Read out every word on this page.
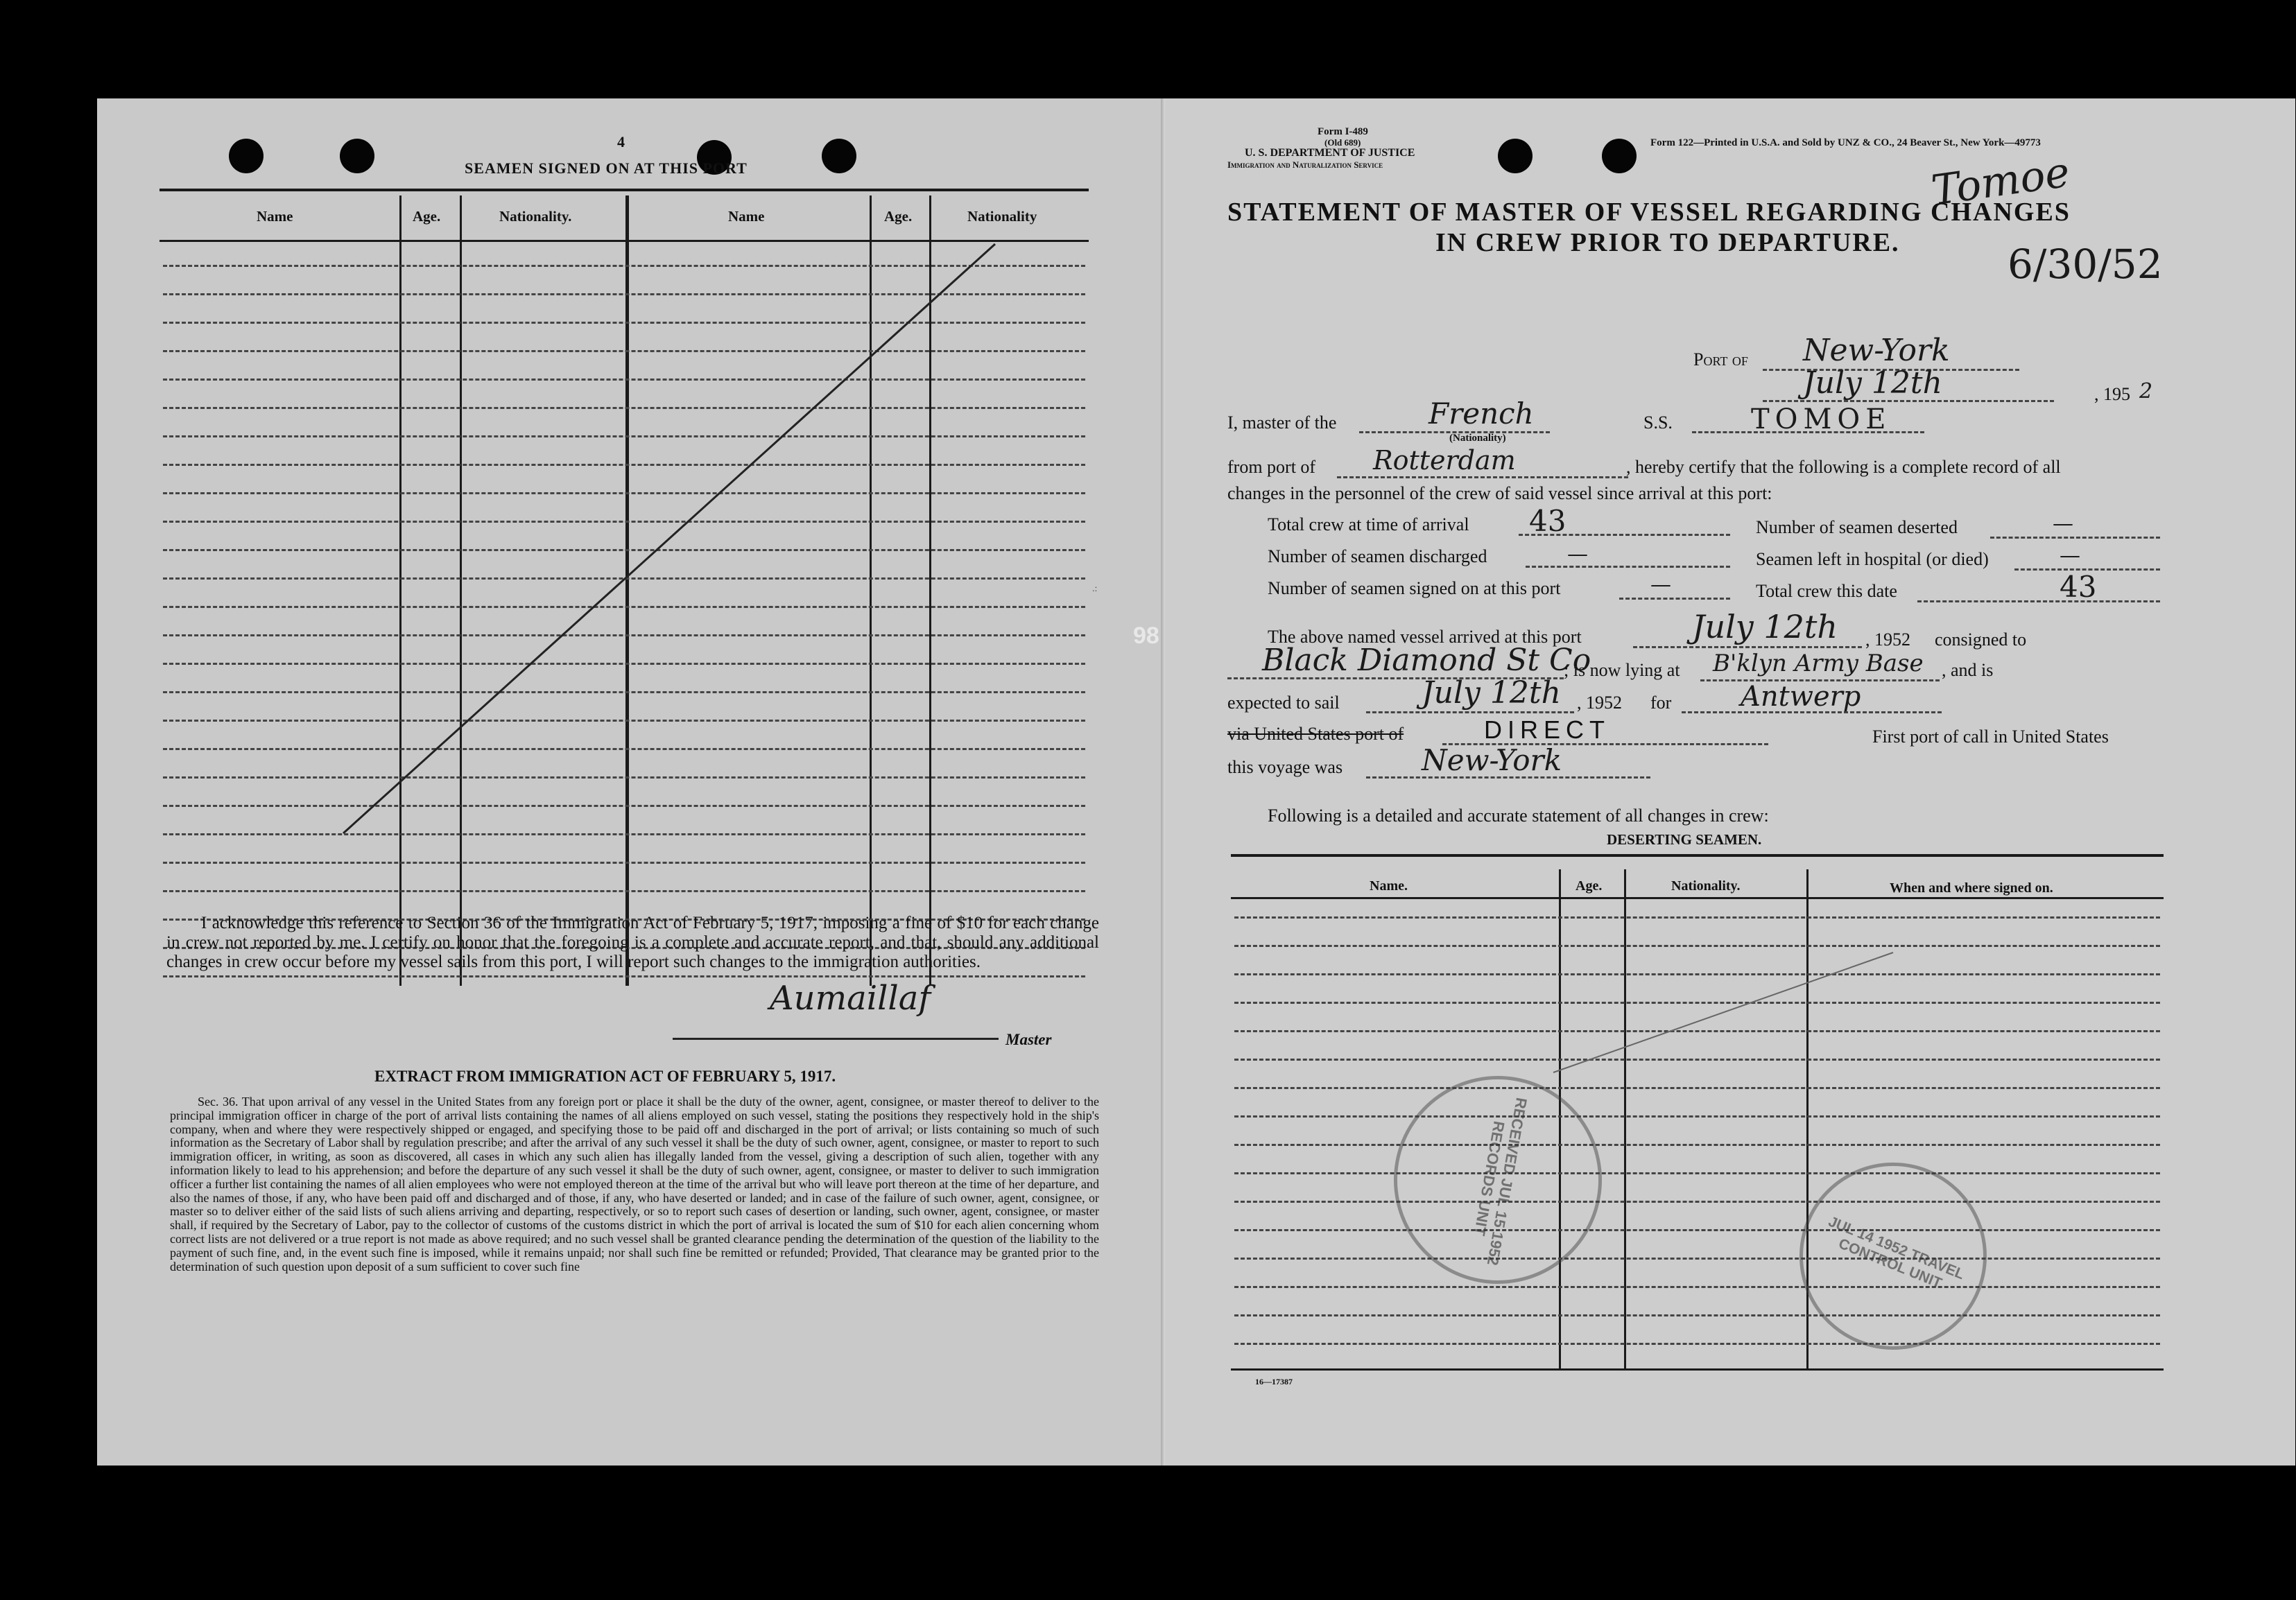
4
SEAMEN SIGNED ON AT THIS PORT
Name	Age.	Nationality.	Name	Age.	Nationality
.:
I acknowledge this reference to Section 36 of the Immigration Act of February 5, 1917, imposing a fine of $10 for each change in crew not reported by me. I certify on honor that the foregoing is a complete and accurate report, and that, should any additional changes in crew occur before my vessel sails from this port, I will report such changes to the immigration authorities.
Aumaillaf
Master
EXTRACT FROM IMMIGRATION ACT OF FEBRUARY 5, 1917.
Sec. 36. That upon arrival of any vessel in the United States from any foreign port or place it shall be the duty of the owner, agent, consignee, or master thereof to deliver to the principal immigration officer in charge of the port of arrival lists containing the names of all aliens employed on such vessel, stating the positions they respectively hold in the ship's company, when and where they were respectively shipped or engaged, and specifying those to be paid off and discharged in the port of arrival; or lists containing so much of such information as the Secretary of Labor shall by regulation prescribe; and after the arrival of any such vessel it shall be the duty of such owner, agent, consignee, or master to report to such immigration officer, in writing, as soon as discovered, all cases in which any such alien has illegally landed from the vessel, giving a description of such alien, together with any information likely to lead to his apprehension; and before the departure of any such vessel it shall be the duty of such owner, agent, consignee, or master to deliver to such immigration officer a further list containing the names of all alien employees who were not employed thereon at the time of the arrival but who will leave port thereon at the time of her departure, and also the names of those, if any, who have been paid off and discharged and of those, if any, who have deserted or landed; and in case of the failure of such owner, agent, consignee, or master so to deliver either of the said lists of such aliens arriving and departing, respectively, or so to report such cases of desertion or landing, such owner, agent, consignee, or master shall, if required by the Secretary of Labor, pay to the collector of customs of the customs district in which the port of arrival is located the sum of $10 for each alien concerning whom correct lists are not delivered or a true report is not made as above required; and no such vessel shall be granted clearance pending the determination of the question of the liability to the payment of such fine, and, in the event such fine is imposed, while it remains unpaid; nor shall such fine be remitted or refunded; Provided, That clearance may be granted prior to the determination of such question upon deposit of a sum sufficient to cover such fine
98
Form I-489
(Old 689)
U. S. DEPARTMENT OF JUSTICE
Immigration and Naturalization Service
Form 122—Printed in U.S.A. and Sold by UNZ & CO., 24 Beaver St., New York—49773
Tomoe
6/30/52
STATEMENT OF MASTER OF VESSEL REGARDING CHANGES
IN CREW PRIOR TO DEPARTURE.
Port of New-York
July 12th	, 195 2
I, master of the	French
(Nationality)
S.S.	TOMOE
from port of Rotterdam	, hereby certify that the following is a complete record of all
changes in the personnel of the crew of said vessel since arrival at this port:
Total crew at time of arrival 43	Number of seamen deserted	—
Number of seamen discharged	—	Seamen left in hospital (or died)	—
Number of seamen signed on at this port	—	Total crew this date	43
The above named vessel arrived at this port	July 12th , 1952 consigned to
Black Diamond St Co
; is now lying at B'klyn Army Base , and is
expected to sail	July 12th , 1952 for Antwerp
via United States port of	DIRECT	First port of call in United States
this voyage was	New-York
Following is a detailed and accurate statement of all changes in crew:
DESERTING SEAMEN.
Name.	Age.	Nationality.	When and where signed on.
RECEIVED JUL 15 1952 RECORDS UNIT
JUL 14 1952 TRAVEL CONTROL UNIT
16—17387
